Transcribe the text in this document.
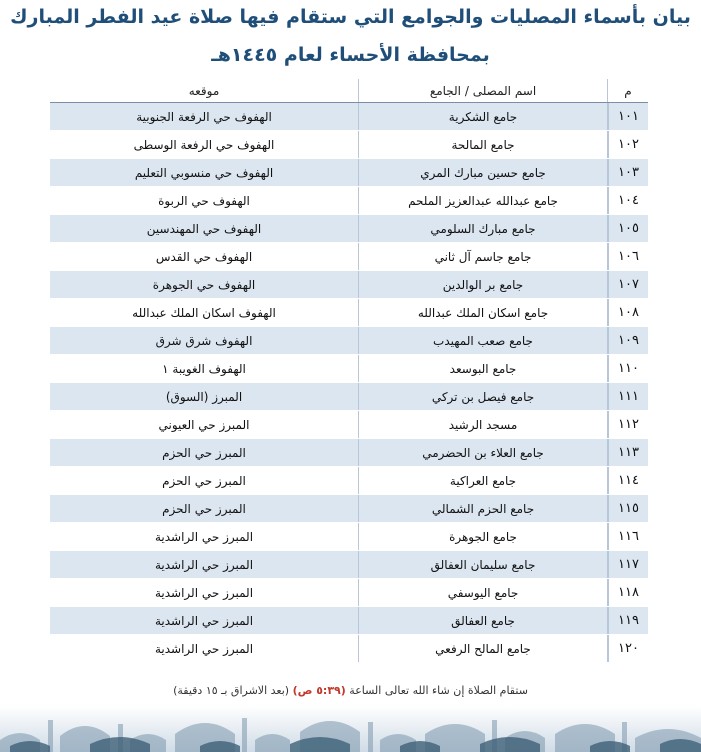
بيان بأسماء المصليات والجوامع التي ستقام فيها صلاة عيد الفطر المبارك
بمحافظة الأحساء لعام ١٤٤٥هـ
م
اسم المصلى / الجامع
موقعه
١٠١
جامع الشكرية
الهفوف حي الرفعة الجنوبية
١٠٢
جامع المالحة
الهفوف حي الرفعة الوسطى
١٠٣
جامع حسين مبارك المري
الهفوف حي منسوبي التعليم
١٠٤
جامع عبدالله عبدالعزيز الملحم
الهفوف حي الربوة
١٠٥
جامع مبارك السلومي
الهفوف حي المهندسين
١٠٦
جامع جاسم آل ثاني
الهفوف حي القدس
١٠٧
جامع بر الوالدين
الهفوف حي الجوهرة
١٠٨
جامع اسكان الملك عبدالله
الهفوف اسكان الملك عبدالله
١٠٩
جامع صعب المهيدب
الهفوف شرق شرق
١١٠
جامع البوسعد
الهفوف الغويبة ١
١١١
جامع فيصل بن تركي
المبرز (السوق)
١١٢
مسجد الرشيد
المبرز حي العيوني
١١٣
جامع العلاء بن الحضرمي
المبرز حي الحزم
١١٤
جامع العراكية
المبرز حي الحزم
١١٥
جامع الحزم الشمالي
المبرز حي الحزم
١١٦
جامع الجوهرة
المبرز حي الراشدية
١١٧
جامع سليمان العفالق
المبرز حي الراشدية
١١٨
جامع اليوسفي
المبرز حي الراشدية
١١٩
جامع العفالق
المبرز حي الراشدية
١٢٠
جامع المالح الرفعي
المبرز حي الراشدية
ستقام الصلاة إن شاء الله تعالى الساعة (٥:٣٩ ص) (بعد الاشراق بـ ١٥ دقيقة)
